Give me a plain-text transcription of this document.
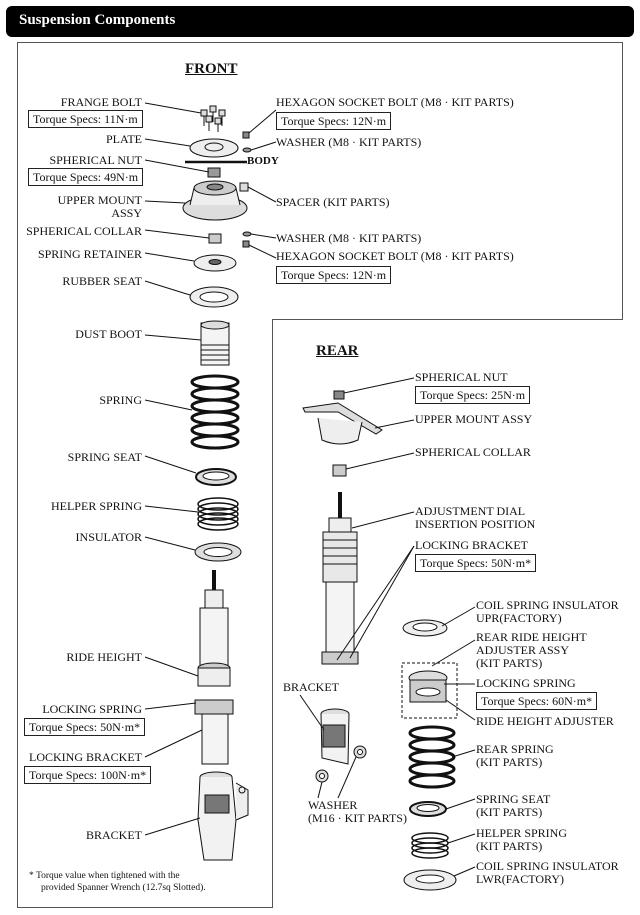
Suspension Components
FRONT
FRANGE BOLT
Torque Specs: 11N·m
PLATE
SPHERICAL NUT
Torque Specs: 49N·m
BODY
UPPER MOUNT
ASSY
SPHERICAL COLLAR
SPRING RETAINER
RUBBER SEAT
DUST BOOT
SPRING
SPRING SEAT
HELPER SPRING
INSULATOR
RIDE HEIGHT
LOCKING SPRING
Torque Specs: 50N·m*
LOCKING BRACKET
Torque Specs: 100N·m*
BRACKET
HEXAGON SOCKET BOLT (M8 · KIT PARTS)
Torque Specs: 12N·m
WASHER (M8 · KIT PARTS)
SPACER (KIT PARTS)
WASHER (M8 · KIT PARTS)
HEXAGON SOCKET BOLT (M8 · KIT PARTS)
Torque Specs: 12N·m
* Torque value when tightened with the
provided Spanner Wrench (12.7sq Slotted).
REAR
SPHERICAL NUT
Torque Specs: 25N·m
UPPER MOUNT ASSY
SPHERICAL COLLAR
ADJUSTMENT DIAL
INSERTION POSITION
LOCKING BRACKET
Torque Specs: 50N·m*
COIL SPRING INSULATOR
UPR(FACTORY)
REAR RIDE HEIGHT
ADJUSTER ASSY
(KIT PARTS)
BRACKET	LOCKING SPRING
Torque Specs: 60N·m*
RIDE HEIGHT ADJUSTER
REAR SPRING
(KIT PARTS)
WASHER
(M16 · KIT PARTS)
SPRING SEAT
(KIT PARTS)
HELPER SPRING
(KIT PARTS)
COIL SPRING INSULATOR
LWR(FACTORY)
